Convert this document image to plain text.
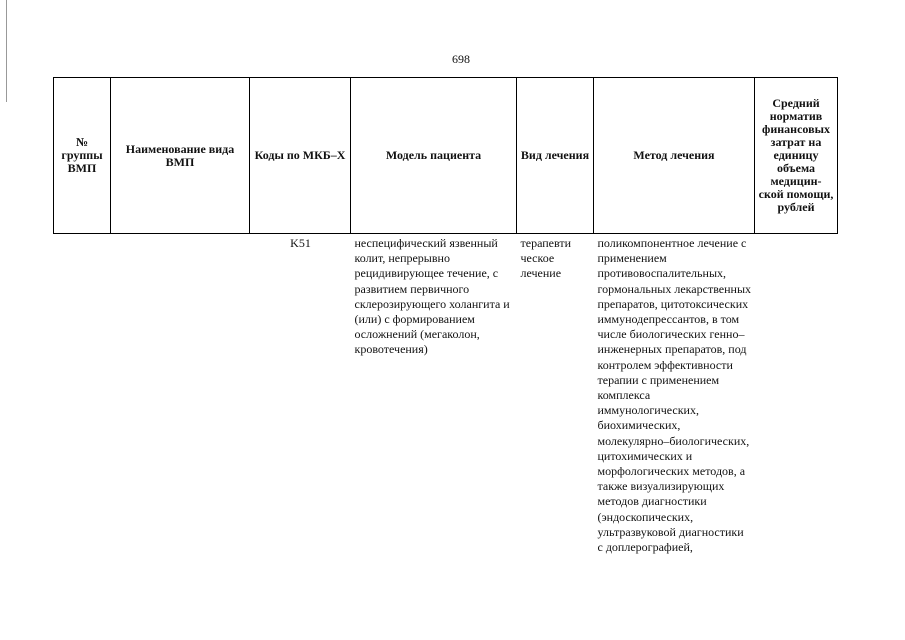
698
№ группы ВМП	Наименование вида ВМП	Коды по МКБ–Х	Модель пациента	Вид лечения	Метод лечения	Средний норматив финансовых затрат на единицу объема медицин-ской помощи, рублей
		K51	неспецифический язвенный колит, непрерывно рецидивирующее течение, с развитием первичного склерозирующего холангита и (или) с формированием осложнений (мегаколон, кровотечения)	терапевти ческое лечение	поликомпонентное лечение с применением противовоспалительных, гормональных лекарственных препаратов, цитотоксических иммунодепрессантов, в том числе биологических генно–инженерных препаратов, под контролем эффективности терапии с применением комплекса иммунологических, биохимических, молекулярно–биологических, цитохимических и морфологических методов, а также визуализирующих методов диагностики (эндоскопических, ультразвуковой диагностики с доплерографией,	
